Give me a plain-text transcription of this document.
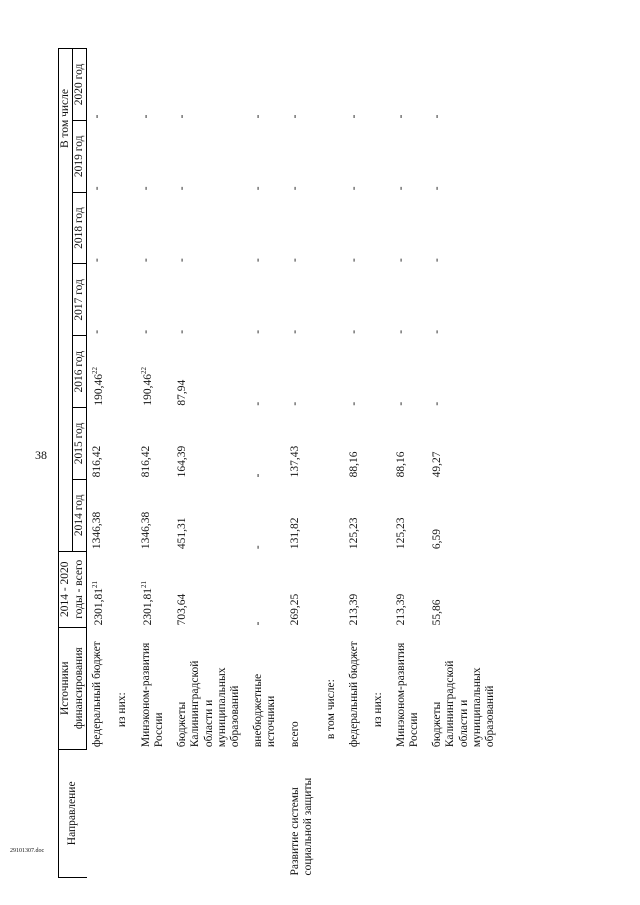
38
29101307.doc
Направление	Источники	2014 - 2020	В том числе						
	финансирования	годы - всего	2014 год	2015 год	2016 год	2017 год	2018 год	2019 год	2020 год
	федеральный бюджет	2301,81$^{21}$	1346,38	816,42	190,46$^{22}$	-	-	-	-
	из них:								
	Минэконом-развития России	2301,81$^{21}$	1346,38	816,42	190,46$^{22}$	-	-	-	-
	бюджеты Калининградской области и муниципальных образований	703,64	451,31	164,39	87,94	-	-	-	-
	внебюджетные источники	-	-	-	-	-	-	-	-
Развитие системы социальной защиты	всего	269,25	131,82	137,43	-	-	-	-	-
	в том числе:								
	федеральный бюджет	213,39	125,23	88,16	-	-	-	-	-
	из них:								
	Минэконом-развития России	213,39	125,23	88,16	-	-	-	-	-
	бюджеты Калининградской области и муниципальных образований	55,86	6,59	49,27	-	-	-	-	-
